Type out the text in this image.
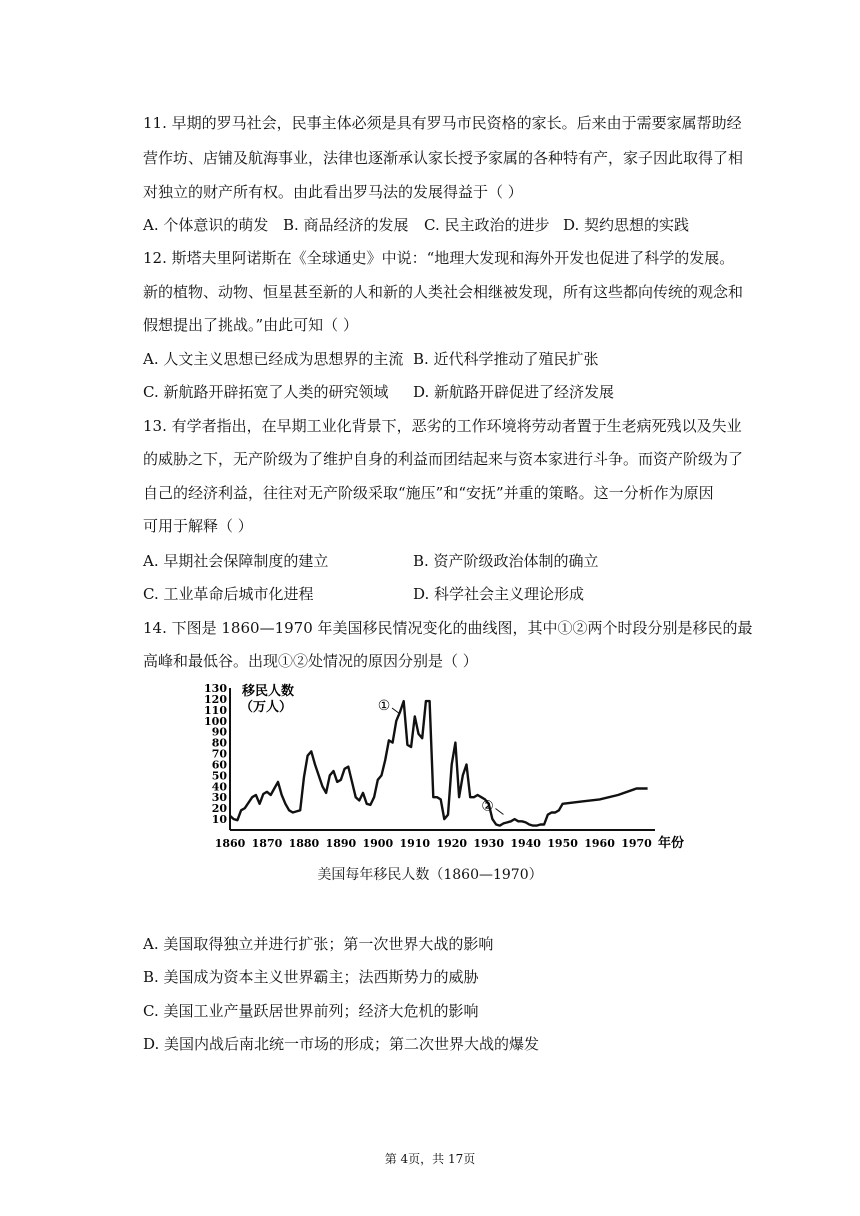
11. 早期的罗马社会，民事主体必须是具有罗马市民资格的家长。后来由于需要家属帮助经
营作坊、店铺及航海事业，法律也逐渐承认家长授予家属的各种特有产，家子因此取得了相
对独立的财产所有权。由此看出罗马法的发展得益于（ ）
A. 个体意识的萌发 B. 商品经济的发展 C. 民主政治的进步 D. 契约思想的实践
12. 斯塔夫里阿诺斯在《全球通史》中说：“地理大发现和海外开发也促进了科学的发展。
新的植物、动物、恒星甚至新的人和新的人类社会相继被发现，所有这些都向传统的观念和
假想提出了挑战。”由此可知（ ）
A. 人文主义思想已经成为思想界的主流 B. 近代科学推动了殖民扩张
C. 新航路开辟拓宽了人类的研究领域 D. 新航路开辟促进了经济发展
13. 有学者指出，在早期工业化背景下，恶劣的工作环境将劳动者置于生老病死残以及失业
的威胁之下，无产阶级为了维护自身的利益而团结起来与资本家进行斗争。而资产阶级为了
自己的经济利益，往往对无产阶级采取“施压”和“安抚”并重的策略。这一分析作为原因
可用于解释（ ）
A. 早期社会保障制度的建立	B. 资产阶级政治体制的确立
C. 工业革命后城市化进程	D. 科学社会主义理论形成
14. 下图是 1860—1970 年美国移民情况变化的曲线图，其中①②两个时段分别是移民的最
高峰和最低谷。出现①②处情况的原因分别是（ ）
10
20
30
40
50
60
70
80
90
100
110
120
130
1860 1870 1880 1890 1900 1910 1920 1930 1940 1950 1960 1970
①
②
移民人数
（万人）
年份
美国每年移民人数（1860—1970）
A. 美国取得独立并进行扩张；第一次世界大战的影响
B. 美国成为资本主义世界霸主；法西斯势力的威胁
C. 美国工业产量跃居世界前列；经济大危机的影响
D. 美国内战后南北统一市场的形成；第二次世界大战的爆发
第 4页，共 17页
